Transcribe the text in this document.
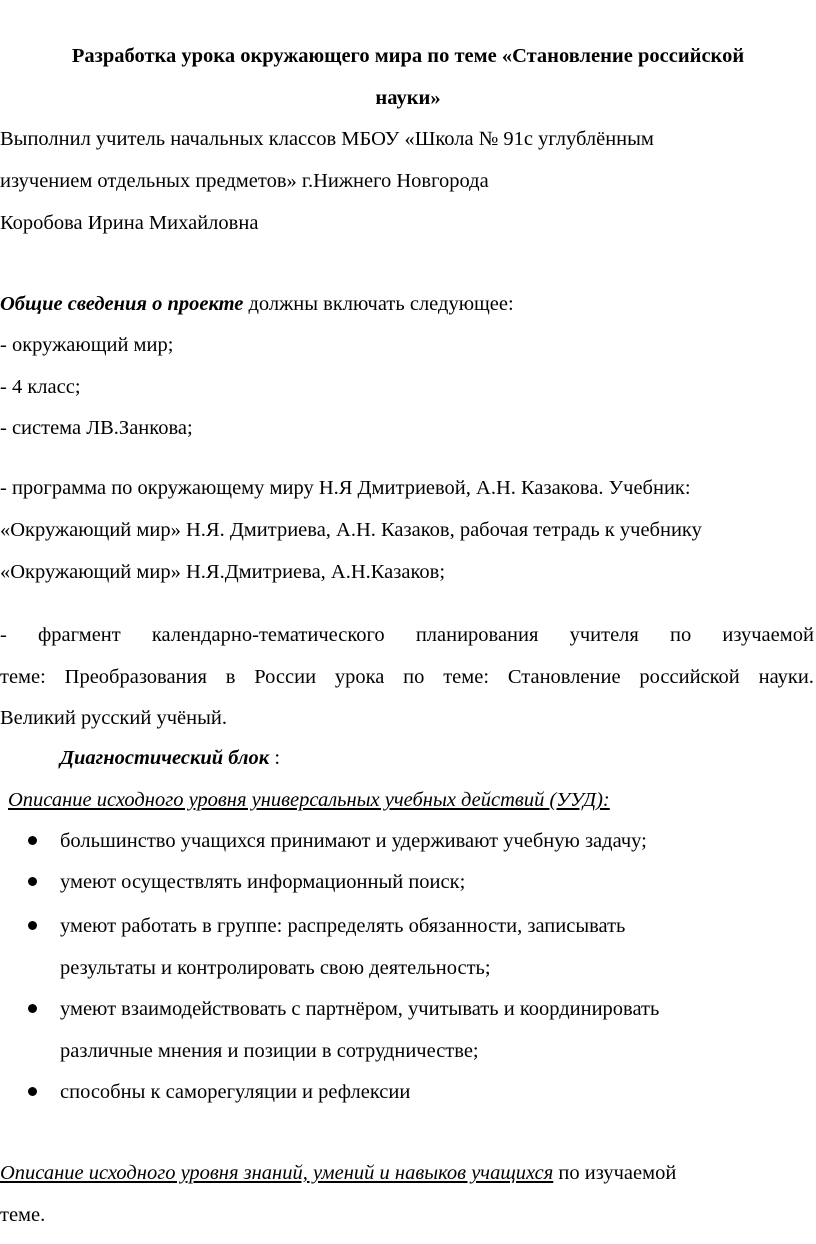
Разработка урока окружающего мира по теме «Становление российской
науки»
Выполнил учитель начальных классов МБОУ «Школа № 91с углублённым
изучением отдельных предметов» г.Нижнего Новгорода
Коробова Ирина Михайловна
Общие сведения о проекте должны включать следующее:
- окружающий мир;
- 4 класс;
- система ЛВ.Занкова;
- программа по окружающему миру Н.Я Дмитриевой, А.Н. Казакова. Учебник:
«Окружающий мир» Н.Я. Дмитриева, А.Н. Казаков, рабочая тетрадь к учебнику
«Окружающий мир» Н.Я.Дмитриева, А.Н.Казаков;
- фрагмент календарно-тематического планирования учителя по изучаемой
теме: Преобразования в России урока по теме: Становление российской науки.
Великий русский учёный.
Диагностический блок :
Описание исходного уровня универсальных учебных действий (УУД):
большинство учащихся принимают и удерживают учебную задачу;
умеют осуществлять информационный поиск;
умеют работать в группе: распределять обязанности, записывать
результаты и контролировать свою деятельность;
умеют взаимодействовать с партнёром, учитывать и координировать
различные мнения и позиции в сотрудничестве;
способны к саморегуляции и рефлексии
Описание исходного уровня знаний, умений и навыков учащихся по изучаемой
теме.
